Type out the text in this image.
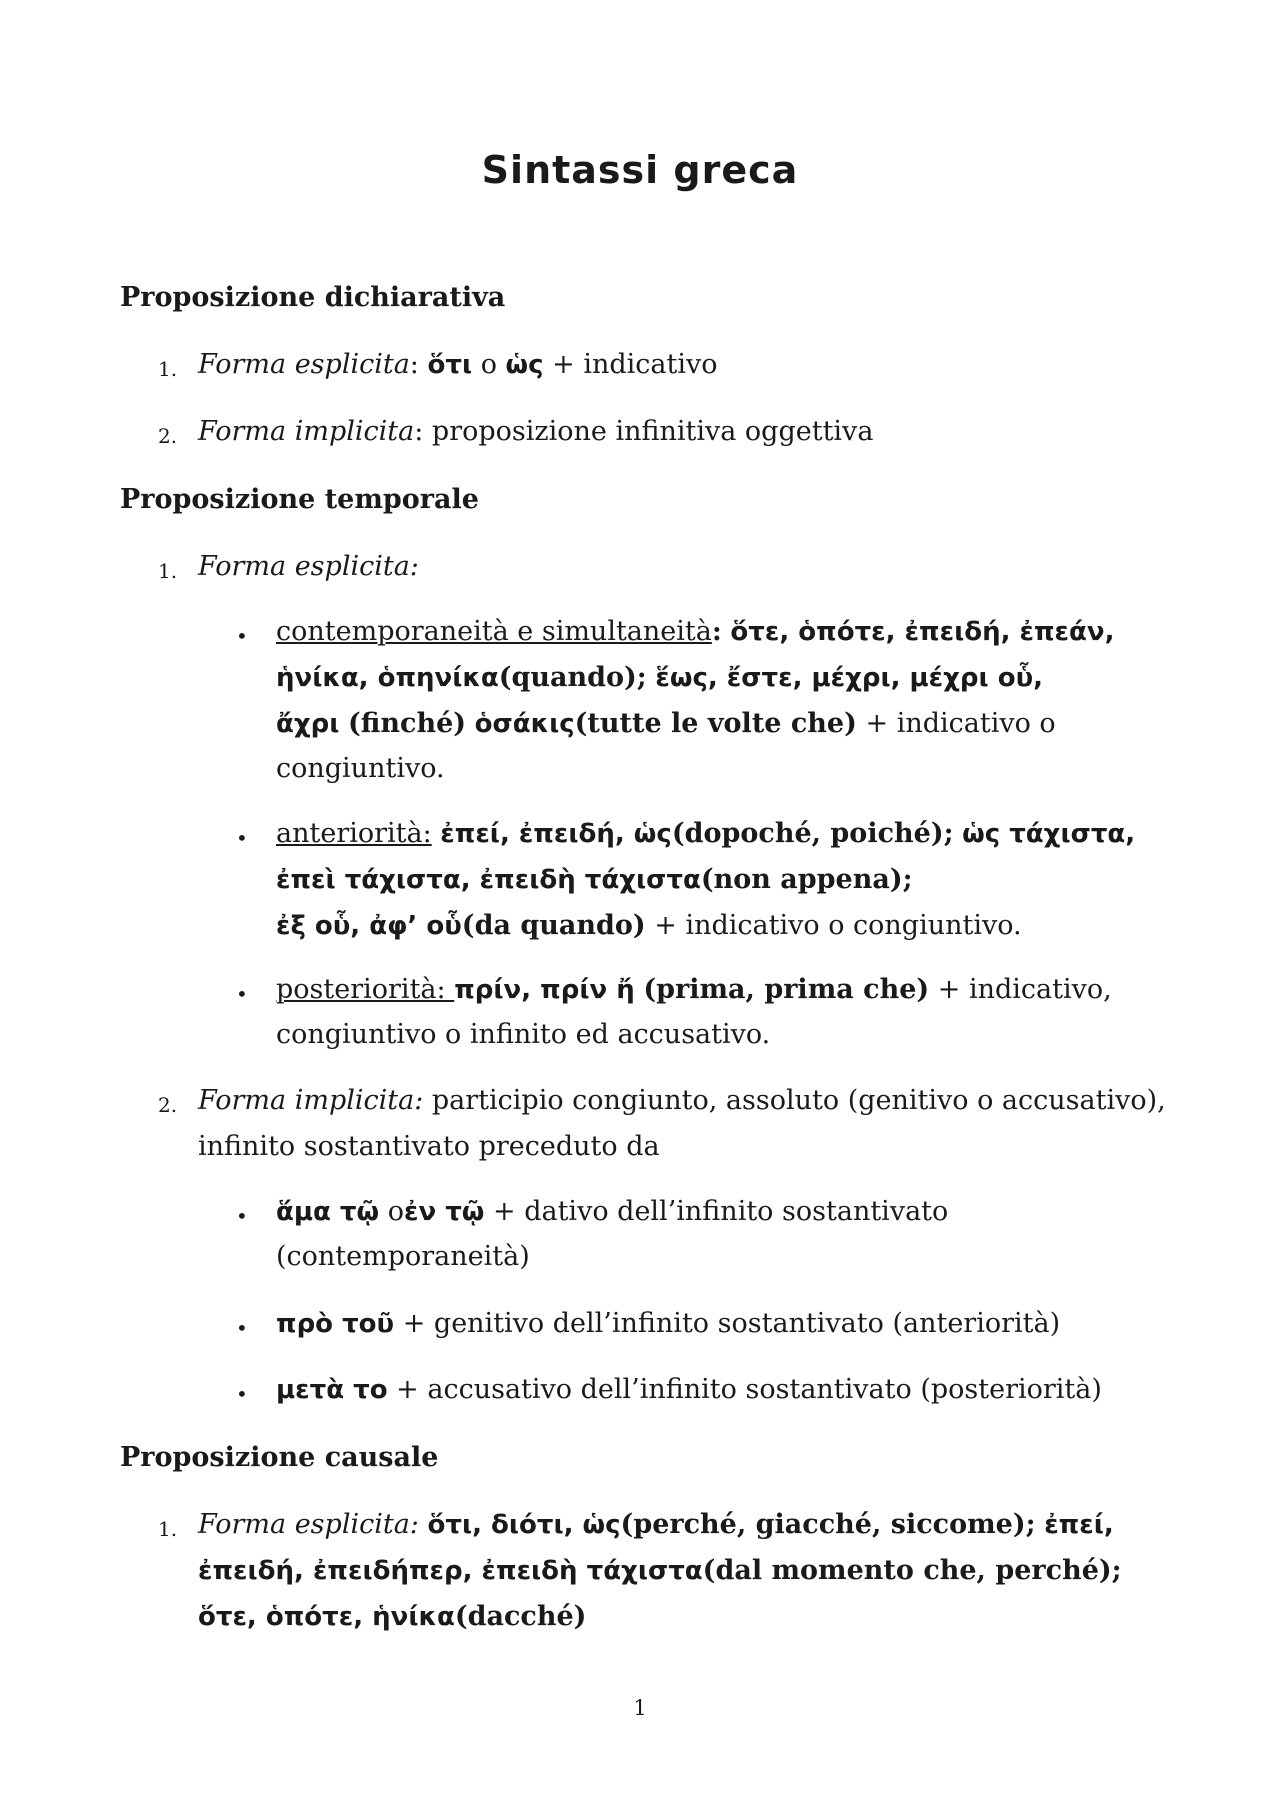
Sintassi greca
Proposizione dichiarativa
1. Forma esplicita: ὅτι o ὡς + indicativo
2. Forma implicita: proposizione infinitiva oggettiva
Proposizione temporale
1. Forma esplicita:
• contemporaneità e simultaneità: ὅτε, ὁπότε, ἐπειδή, ἐπεάν,
ἡνίκα, ὁπηνίκα(quando); ἕως, ἔστε, μέχρι, μέχρι οὗ,
ἄχρι (finché) ὁσάκις(tutte le volte che) + indicativo o
congiuntivo.
• anteriorità: ἐπεί, ἐπειδή, ὡς(dopoché, poiché); ὡς τάχιστα,
ἐπεὶ τάχιστα, ἐπειδὴ τάχιστα(non appena);
ἐξ οὗ, ἀφ’ οὗ(da quando) + indicativo o congiuntivo.
• posteriorità: πρίν, πρίν ἤ (prima, prima che) + indicativo,
congiuntivo o infinito ed accusativo.
2. Forma implicita: participio congiunto, assoluto (genitivo o accusativo),
infinito sostantivato preceduto da
• ἅμα τῷ oἐν τῷ + dativo dell’infinito sostantivato
(contemporaneità)
• πρὸ τοῦ + genitivo dell’infinito sostantivato (anteriorità)
• μετὰ το + accusativo dell’infinito sostantivato (posteriorità)
Proposizione causale
1. Forma esplicita: ὅτι, διότι, ὡς(perché, giacché, siccome); ἐπεί,
ἐπειδή, ἐπειδήπερ, ἐπειδὴ τάχιστα(dal momento che, perché);
ὅτε, ὁπότε, ἡνίκα(dacché)
1
